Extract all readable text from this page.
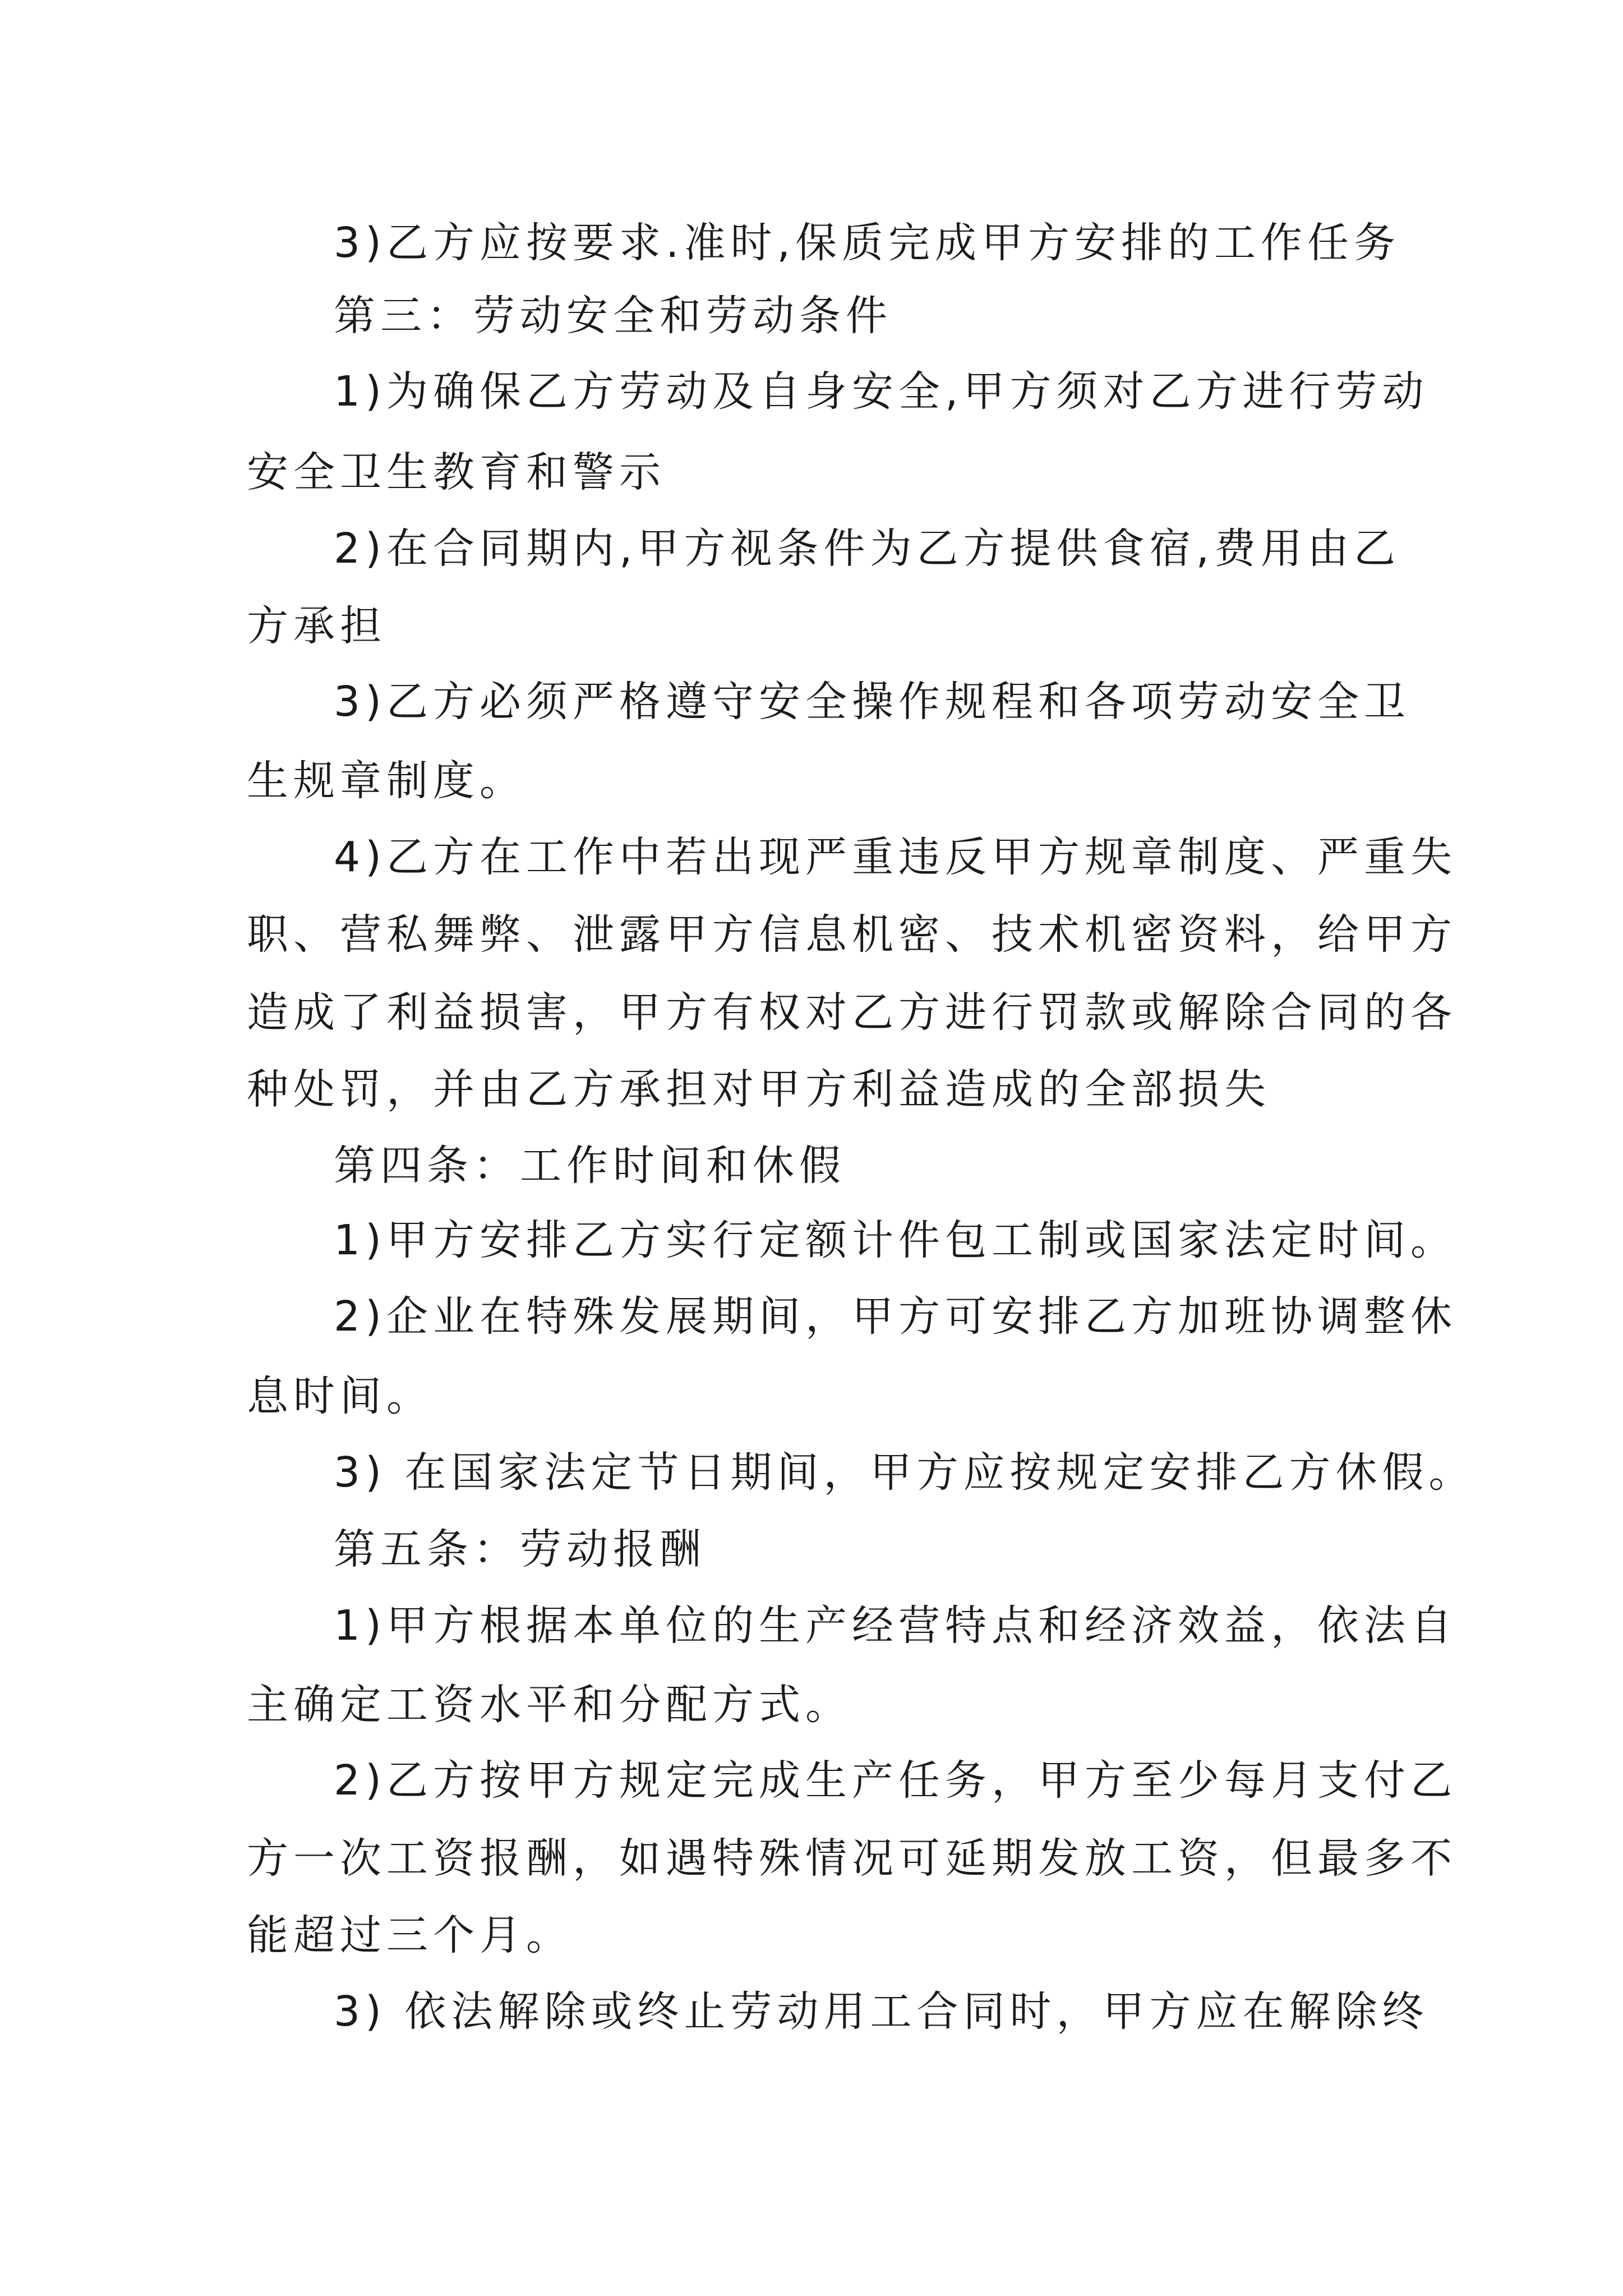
3)乙方应按要求.准时,保质完成甲方安排的工作任务

第三：劳动安全和劳动条件

1)为确保乙方劳动及自身安全,甲方须对乙方进行劳动

安全卫生教育和警示

2)在合同期内,甲方视条件为乙方提供食宿,费用由乙

方承担

3)乙方必须严格遵守安全操作规程和各项劳动安全卫

生规章制度。

4)乙方在工作中若出现严重违反甲方规章制度、严重失

职、营私舞弊、泄露甲方信息机密、技术机密资料，给甲方

造成了利益损害，甲方有权对乙方进行罚款或解除合同的各

种处罚，并由乙方承担对甲方利益造成的全部损失

第四条：工作时间和休假

1)甲方安排乙方实行定额计件包工制或国家法定时间。

2)企业在特殊发展期间，甲方可安排乙方加班协调整休

息时间。

3) 在国家法定节日期间，甲方应按规定安排乙方休假。

第五条：劳动报酬

1)甲方根据本单位的生产经营特点和经济效益，依法自

主确定工资水平和分配方式。

2)乙方按甲方规定完成生产任务，甲方至少每月支付乙

方一次工资报酬，如遇特殊情况可延期发放工资，但最多不

能超过三个月。

3) 依法解除或终止劳动用工合同时，甲方应在解除终
